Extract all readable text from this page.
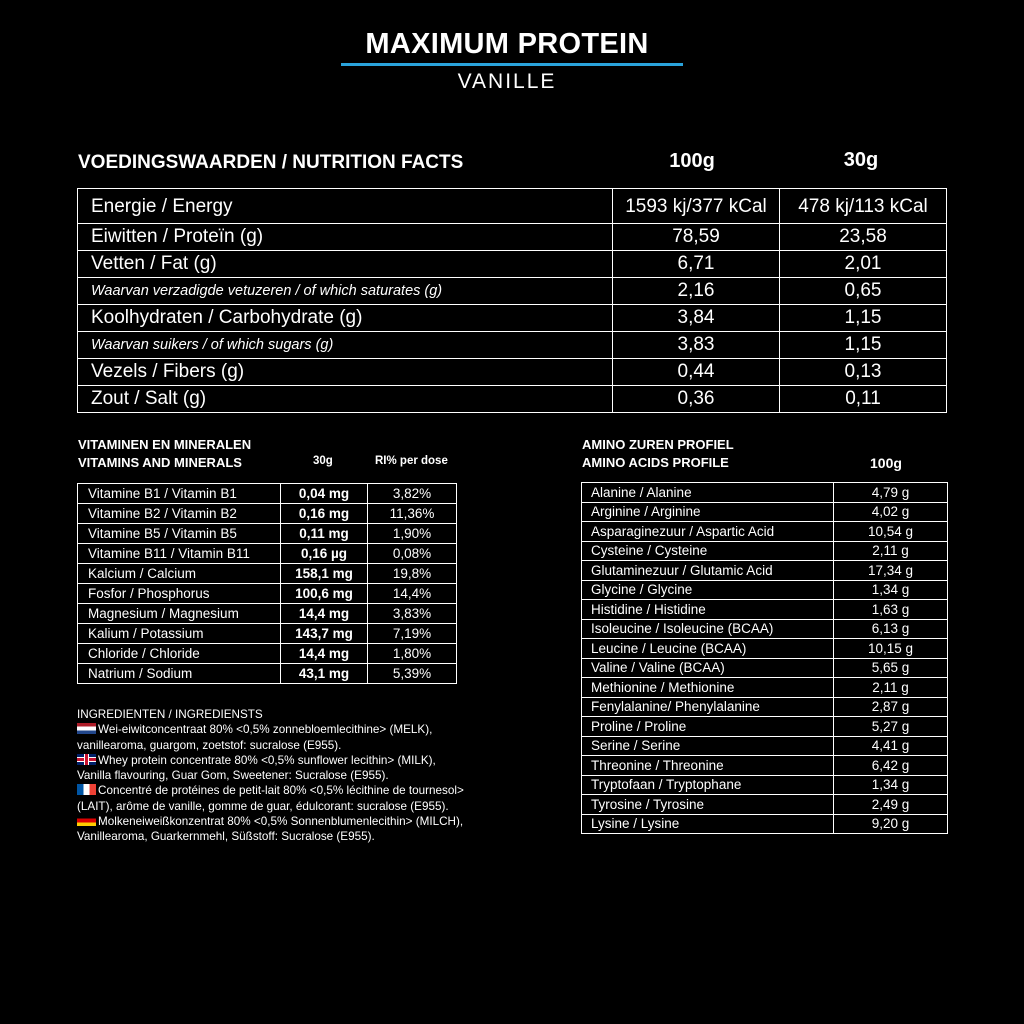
MAXIMUM PROTEIN
VANILLE
VOEDINGSWAARDEN / NUTRITION FACTS	100g	30g
Energie / Energy	1593 kj/377 kCal	478 kj/113 kCal
Eiwitten / Proteïn (g)	78,59	23,58
Vetten / Fat (g)	6,71	2,01
Waarvan verzadigde vetuzeren / of which saturates (g)	2,16	0,65
Koolhydraten / Carbohydrate (g)	3,84	1,15
Waarvan suikers / of which sugars (g)	3,83	1,15
Vezels / Fibers (g)	0,44	0,13
Zout / Salt (g)	0,36	0,11
VITAMINEN EN MINERALEN
VITAMINS AND MINERALS	30g	RI% per dose
Vitamine B1 / Vitamin B1	0,04 mg	3,82%
Vitamine B2 / Vitamin B2	0,16 mg	11,36%
Vitamine B5 / Vitamin B5	0,11 mg	1,90%
Vitamine B11 / Vitamin B11	0,16 µg	0,08%
Kalcium / Calcium	158,1 mg	19,8%
Fosfor / Phosphorus	100,6 mg	14,4%
Magnesium / Magnesium	14,4 mg	3,83%
Kalium / Potassium	143,7 mg	7,19%
Chloride / Chloride	14,4 mg	1,80%
Natrium / Sodium	43,1 mg	5,39%
INGREDIENTEN / INGREDIENSTS
Wei-eiwitconcentraat 80% <0,5% zonnebloemlecithine> (MELK), vanillearoma, guargom, zoetstof: sucralose (E955).
Whey protein concentrate 80% <0,5% sunflower lecithin> (MILK), Vanilla flavouring, Guar Gom, Sweetener: Sucralose (E955).
Concentré de protéines de petit-lait 80% <0,5% lécithine de tournesol> (LAIT), arôme de vanille, gomme de guar, édulcorant: sucralose (E955).
Molkeneiweißkonzentrat 80% <0,5% Sonnenblumenlecithin> (MILCH), Vanillearoma, Guarkernmehl, Süßstoff: Sucralose (E955).
AMINO ZUREN PROFIEL
AMINO ACIDS PROFILE	100g
Alanine / Alanine	4,79 g
Arginine / Arginine	4,02 g
Asparaginezuur / Aspartic Acid	10,54 g
Cysteine / Cysteine	2,11 g
Glutaminezuur / Glutamic Acid	17,34 g
Glycine / Glycine	1,34 g
Histidine / Histidine	1,63 g
Isoleucine / Isoleucine (BCAA)	6,13 g
Leucine / Leucine (BCAA)	10,15 g
Valine / Valine (BCAA)	5,65 g
Methionine / Methionine	2,11 g
Fenylalanine/ Phenylalanine	2,87 g
Proline / Proline	5,27 g
Serine / Serine	4,41 g
Threonine / Threonine	6,42 g
Tryptofaan / Tryptophane	1,34 g
Tyrosine / Tyrosine	2,49 g
Lysine / Lysine	9,20 g
